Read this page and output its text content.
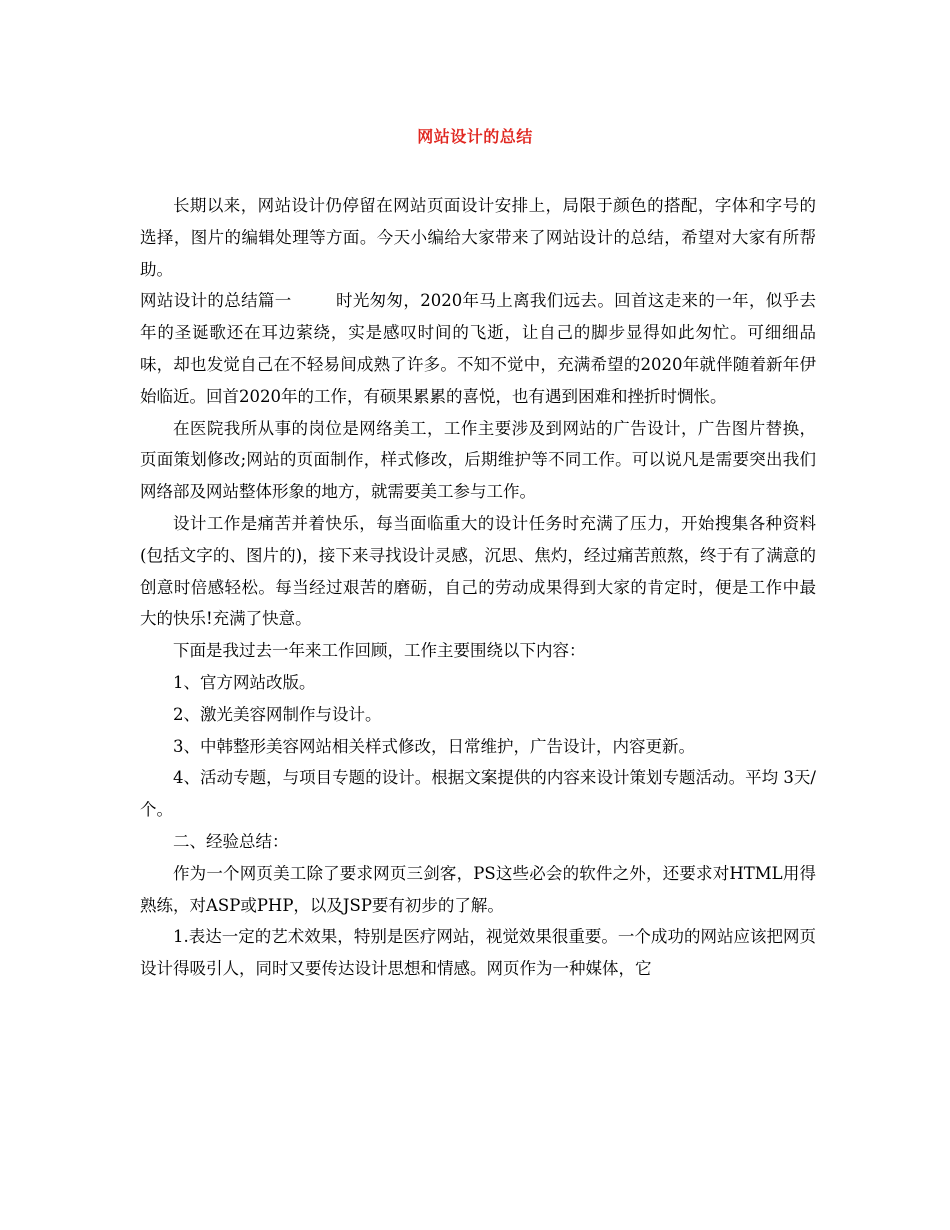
网站设计的总结

长期以来，网站设计仍停留在网站页面设计安排上，局限于颜色的搭配，字体和字号的选择，图片的编辑处理等方面。今天小编给大家带来了网站设计的总结，希望对大家有所帮助。

网站设计的总结篇一	时光匆匆，2020年马上离我们远去。回首这走来的一年，似乎去年的圣诞歌还在耳边萦绕，实是感叹时间的飞逝，让自己的脚步显得如此匆忙。可细细品味，却也发觉自己在不轻易间成熟了许多。不知不觉中，充满希望的2020年就伴随着新年伊始临近。回首2020年的工作，有硕果累累的喜悦，也有遇到困难和挫折时惆怅。

在医院我所从事的岗位是网络美工，工作主要涉及到网站的广告设计，广告图片替换，页面策划修改;网站的页面制作，样式修改，后期维护等不同工作。可以说凡是需要突出我们网络部及网站整体形象的地方，就需要美工参与工作。

设计工作是痛苦并着快乐，每当面临重大的设计任务时充满了压力，开始搜集各种资料(包括文字的、图片的)，接下来寻找设计灵感，沉思、焦灼，经过痛苦煎熬，终于有了满意的创意时倍感轻松。每当经过艰苦的磨砺，自己的劳动成果得到大家的肯定时，便是工作中最大的快乐!充满了快意。

下面是我过去一年来工作回顾，工作主要围绕以下内容：

1、官方网站改版。

2、激光美容网制作与设计。

3、中韩整形美容网站相关样式修改，日常维护，广告设计，内容更新。

4、活动专题，与项目专题的设计。根据文案提供的内容来设计策划专题活动。平均 3天/个。

二、经验总结：

作为一个网页美工除了要求网页三剑客，PS这些必会的软件之外，还要求对HTML用得熟练，对ASP或PHP，以及JSP要有初步的了解。

1.表达一定的艺术效果，特别是医疗网站，视觉效果很重要。一个成功的网站应该把网页设计得吸引人，同时又要传达设计思想和情感。网页作为一种媒体，它
